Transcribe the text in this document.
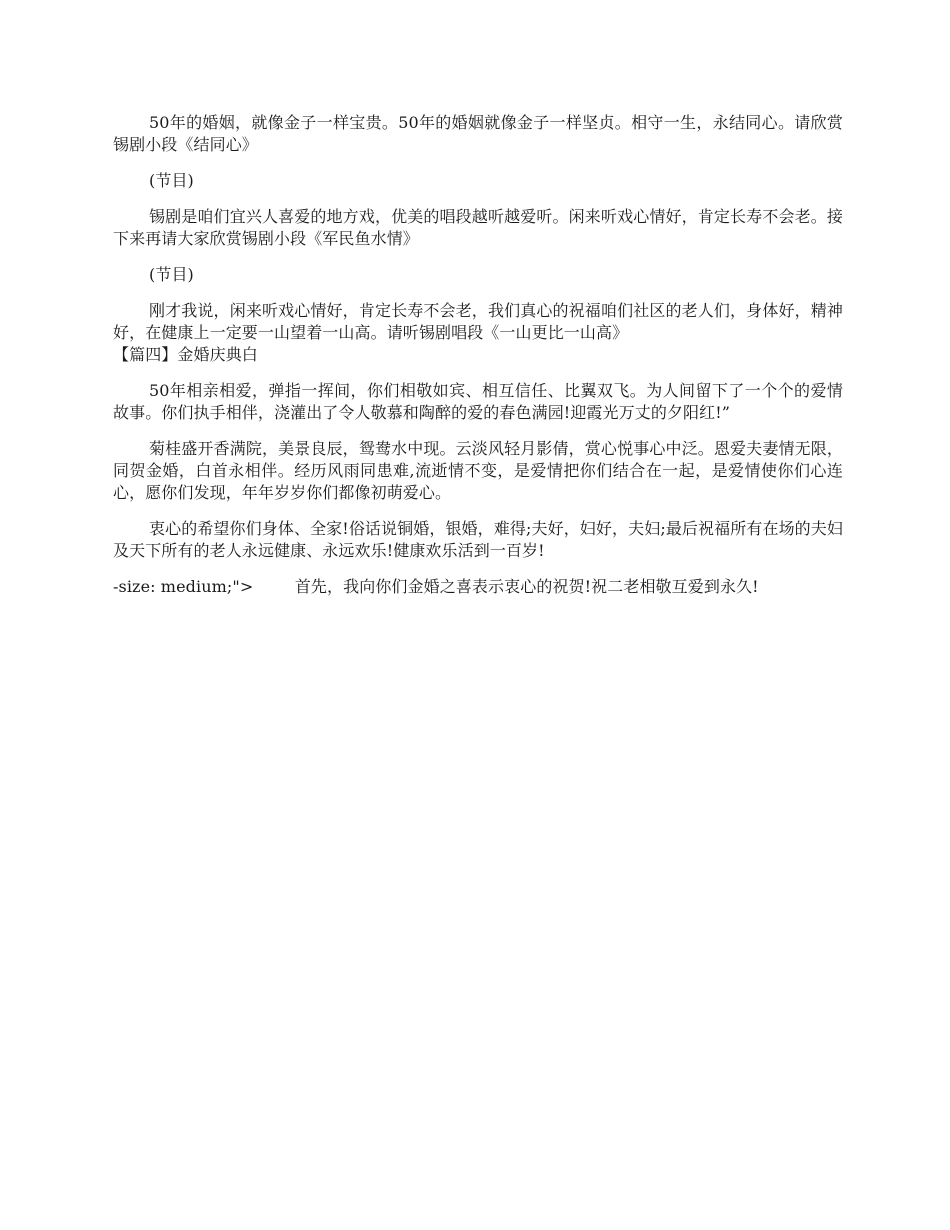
50年的婚姻，就像金子一样宝贵。50年的婚姻就像金子一样坚贞。相守一生，永结同心。请欣赏锡剧小段《结同心》

(节目)

锡剧是咱们宜兴人喜爱的地方戏，优美的唱段越听越爱听。闲来听戏心情好，肯定长寿不会老。接下来再请大家欣赏锡剧小段《军民鱼水情》

(节目)

刚才我说，闲来听戏心情好，肯定长寿不会老，我们真心的祝福咱们社区的老人们，身体好，精神好，在健康上一定要一山望着一山高。请听锡剧唱段《一山更比一山高》

【篇四】金婚庆典白

50年相亲相爱，弹指一挥间，你们相敬如宾、相互信任、比翼双飞。为人间留下了一个个的爱情故事。你们执手相伴，浇灌出了令人敬慕和陶醉的爱的春色满园!迎霞光万丈的夕阳红!”

菊桂盛开香满院，美景良辰，鸳鸯水中现。云淡风轻月影倩，赏心悦事心中泛。恩爱夫妻情无限，同贺金婚，白首永相伴。经历风雨同患难,流逝情不变，是爱情把你们结合在一起，是爱情使你们心连心，愿你们发现，年年岁岁你们都像初萌爱心。

衷心的希望你们身体、全家!俗话说铜婚，银婚，难得;夫好，妇好，夫妇;最后祝福所有在场的夫妇及天下所有的老人永远健康、永远欢乐!健康欢乐活到一百岁!

-size: medium;">        首先，我向你们金婚之喜表示衷心的祝贺!祝二老相敬互爱到永久!
